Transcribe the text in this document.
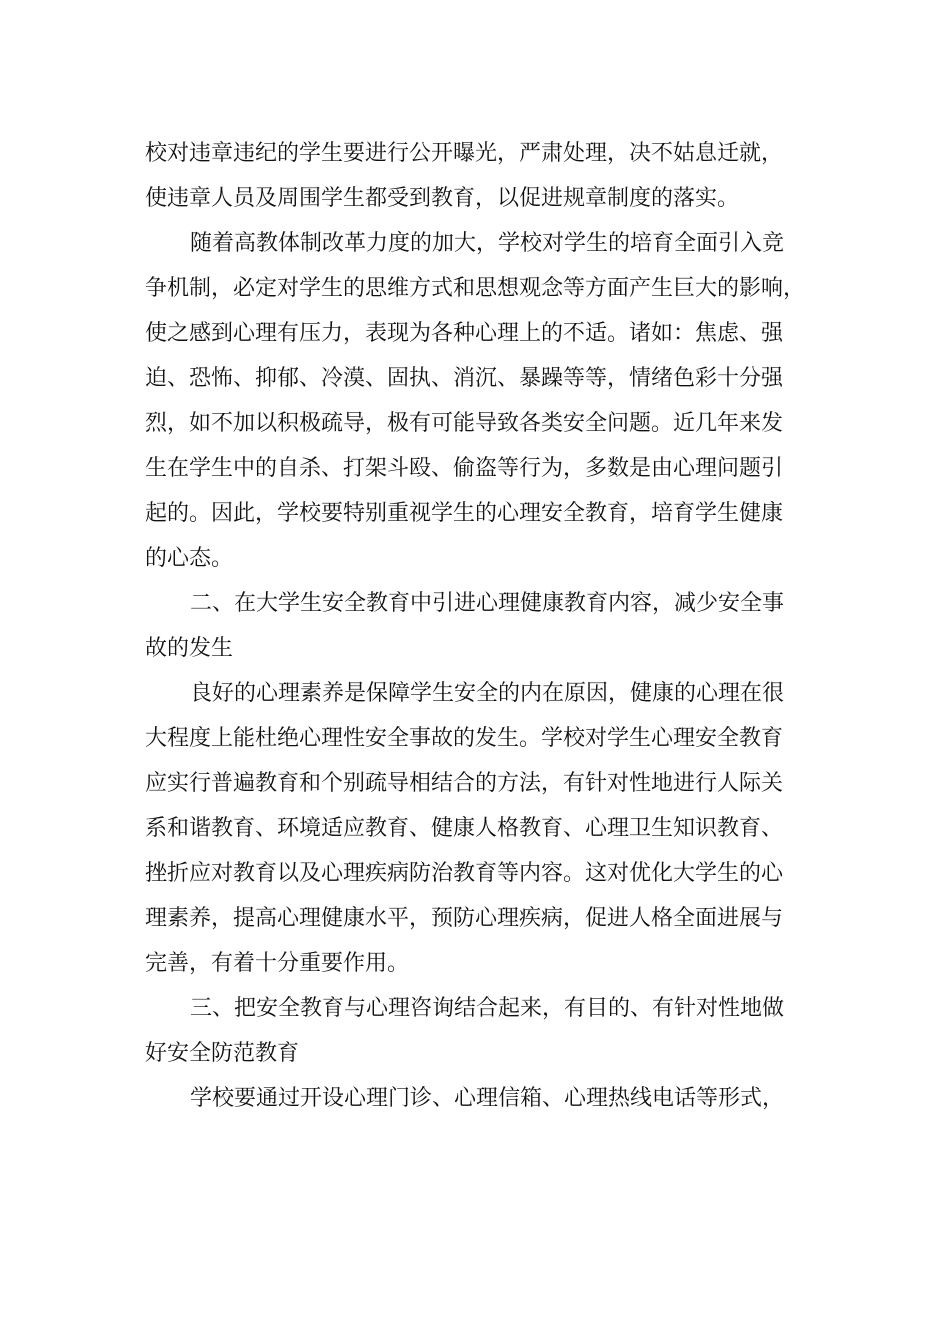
校对违章违纪的学生要进行公开曝光，严肃处理，决不姑息迁就，
使违章人员及周围学生都受到教育，以促进规章制度的落实。
随着高教体制改革力度的加大，学校对学生的培育全面引入竞
争机制，必定对学生的思维方式和思想观念等方面产生巨大的影响，
使之感到心理有压力，表现为各种心理上的不适。诸如：焦虑、强
迫、恐怖、抑郁、冷漠、固执、消沉、暴躁等等，情绪色彩十分强
烈，如不加以积极疏导，极有可能导致各类安全问题。近几年来发
生在学生中的自杀、打架斗殴、偷盗等行为，多数是由心理问题引
起的。因此，学校要特别重视学生的心理安全教育，培育学生健康
的心态。
二、在大学生安全教育中引进心理健康教育内容，减少安全事
故的发生
良好的心理素养是保障学生安全的内在原因，健康的心理在很
大程度上能杜绝心理性安全事故的发生。学校对学生心理安全教育
应实行普遍教育和个别疏导相结合的方法，有针对性地进行人际关
系和谐教育、环境适应教育、健康人格教育、心理卫生知识教育、
挫折应对教育以及心理疾病防治教育等内容。这对优化大学生的心
理素养，提高心理健康水平，预防心理疾病，促进人格全面进展与
完善，有着十分重要作用。
三、把安全教育与心理咨询结合起来，有目的、有针对性地做
好安全防范教育
学校要通过开设心理门诊、心理信箱、心理热线电话等形式，
